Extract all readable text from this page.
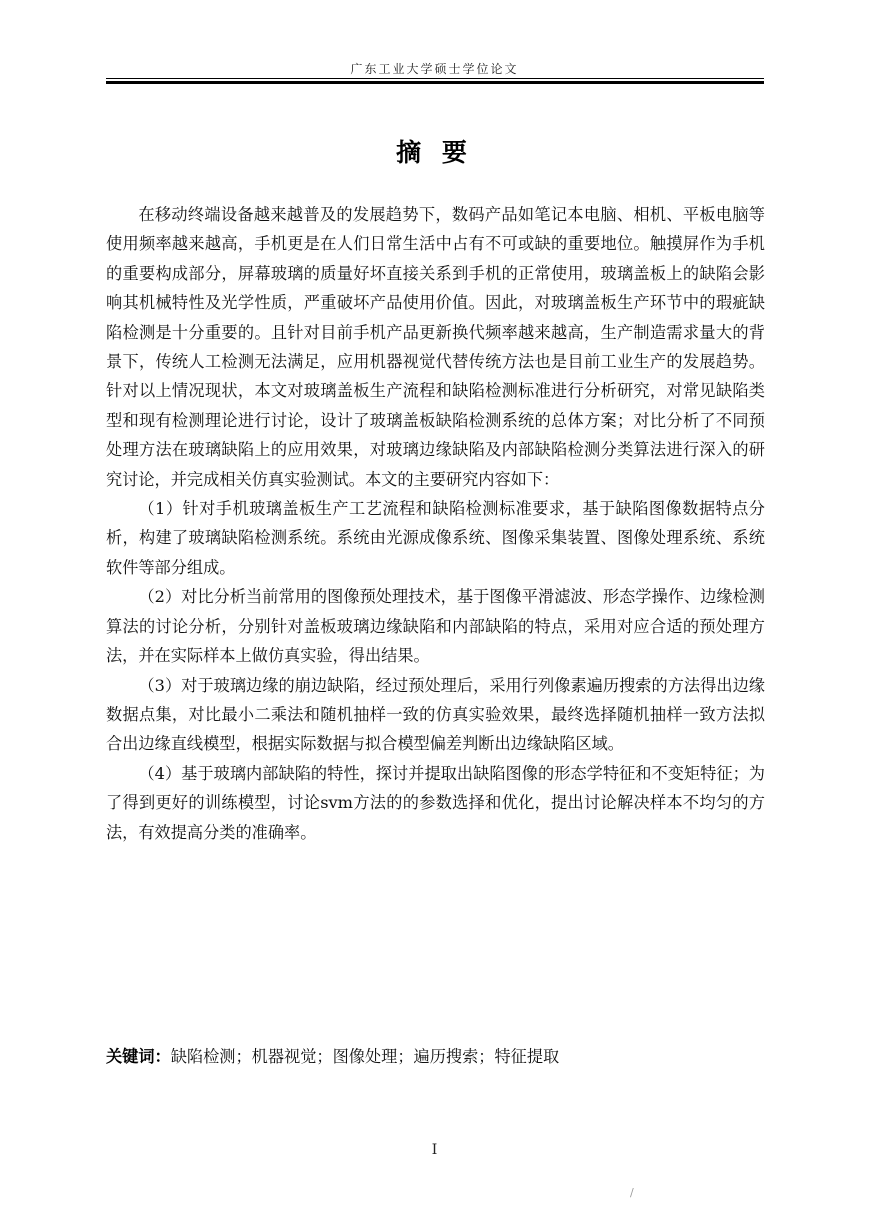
广东工业大学硕士学位论文
摘 要

在移动终端设备越来越普及的发展趋势下，数码产品如笔记本电脑、相机、平板电脑等使用频率越来越高，手机更是在人们日常生活中占有不可或缺的重要地位。触摸屏作为手机的重要构成部分，屏幕玻璃的质量好坏直接关系到手机的正常使用，玻璃盖板上的缺陷会影响其机械特性及光学性质，严重破坏产品使用价值。因此，对玻璃盖板生产环节中的瑕疵缺陷检测是十分重要的。且针对目前手机产品更新换代频率越来越高，生产制造需求量大的背景下，传统人工检测无法满足，应用机器视觉代替传统方法也是目前工业生产的发展趋势。针对以上情况现状，本文对玻璃盖板生产流程和缺陷检测标准进行分析研究，对常见缺陷类型和现有检测理论进行讨论，设计了玻璃盖板缺陷检测系统的总体方案；对比分析了不同预处理方法在玻璃缺陷上的应用效果，对玻璃边缘缺陷及内部缺陷检测分类算法进行深入的研究讨论，并完成相关仿真实验测试。本文的主要研究内容如下：

（1）针对手机玻璃盖板生产工艺流程和缺陷检测标准要求，基于缺陷图像数据特点分析，构建了玻璃缺陷检测系统。系统由光源成像系统、图像采集装置、图像处理系统、系统软件等部分组成。

（2）对比分析当前常用的图像预处理技术，基于图像平滑滤波、形态学操作、边缘检测算法的讨论分析，分别针对盖板玻璃边缘缺陷和内部缺陷的特点，采用对应合适的预处理方法，并在实际样本上做仿真实验，得出结果。

（3）对于玻璃边缘的崩边缺陷，经过预处理后，采用行列像素遍历搜索的方法得出边缘数据点集，对比最小二乘法和随机抽样一致的仿真实验效果，最终选择随机抽样一致方法拟合出边缘直线模型，根据实际数据与拟合模型偏差判断出边缘缺陷区域。

（4）基于玻璃内部缺陷的特性，探讨并提取出缺陷图像的形态学特征和不变矩特征；为了得到更好的训练模型，讨论svm方法的的参数选择和优化，提出讨论解决样本不均匀的方法，有效提高分类的准确率。

关键词：缺陷检测；机器视觉；图像处理；遍历搜索；特征提取
I
/
